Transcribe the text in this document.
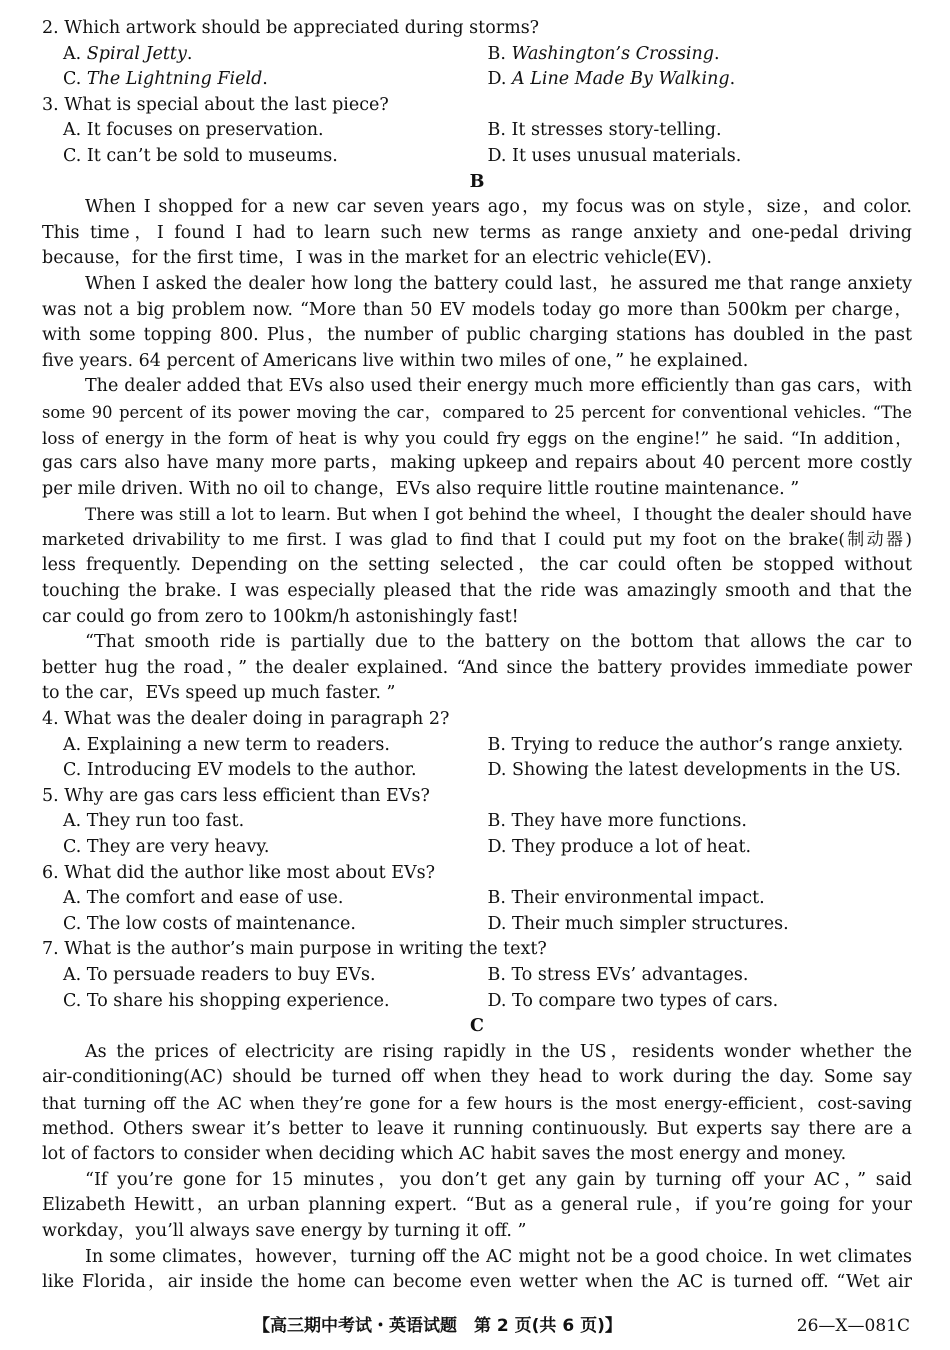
2. Which artwork should be appreciated during storms?
A. Spiral Jetty.	B. Washington’s Crossing.
C. The Lightning Field.	D. A Line Made By Walking.
3. What is special about the last piece?
A. It focuses on preservation.	B. It stresses story-telling.
C. It can’t be sold to museums.	D. It uses unusual materials.
B
When I shopped for a new car seven years ago，my focus was on style，size，and color.
This time，I found I had to learn such new terms as range anxiety and one-pedal driving
because，for the first time，I was in the market for an electric vehicle(EV).
When I asked the dealer how long the battery could last，he assured me that range anxiety
was not a big problem now. “More than 50 EV models today go more than 500km per charge，
with some topping 800. Plus，the number of public charging stations has doubled in the past
five years. 64 percent of Americans live within two miles of one，” he explained.
The dealer added that EVs also used their energy much more efficiently than gas cars，with
some 90 percent of its power moving the car，compared to 25 percent for conventional vehicles. “The
loss of energy in the form of heat is why you could fry eggs on the engine!” he said. “In addition，
gas cars also have many more parts，making upkeep and repairs about 40 percent more costly
per mile driven. With no oil to change，EVs also require little routine maintenance. ”
There was still a lot to learn. But when I got behind the wheel，I thought the dealer should have
marketed drivability to me first. I was glad to find that I could put my foot on the brake(制动器)
less frequently. Depending on the setting selected，the car could often be stopped without
touching the brake. I was especially pleased that the ride was amazingly smooth and that the
car could go from zero to 100km/h astonishingly fast!
“That smooth ride is partially due to the battery on the bottom that allows the car to
better hug the road，” the dealer explained. “And since the battery provides immediate power
to the car，EVs speed up much faster. ”
4. What was the dealer doing in paragraph 2?
A. Explaining a new term to readers.	B. Trying to reduce the author’s range anxiety.
C. Introducing EV models to the author.	D. Showing the latest developments in the US.
5. Why are gas cars less efficient than EVs?
A. They run too fast.	B. They have more functions.
C. They are very heavy.	D. They produce a lot of heat.
6. What did the author like most about EVs?
A. The comfort and ease of use.	B. Their environmental impact.
C. The low costs of maintenance.	D. Their much simpler structures.
7. What is the author’s main purpose in writing the text?
A. To persuade readers to buy EVs.	B. To stress EVs’ advantages.
C. To share his shopping experience.	D. To compare two types of cars.
C
As the prices of electricity are rising rapidly in the US，residents wonder whether the
air-conditioning(AC) should be turned off when they head to work during the day. Some say
that turning off the AC when they’re gone for a few hours is the most energy-efficient，cost-saving
method. Others swear it’s better to leave it running continuously. But experts say there are a
lot of factors to consider when deciding which AC habit saves the most energy and money.
“If you’re gone for 15 minutes，you don’t get any gain by turning off your AC，” said
Elizabeth Hewitt，an urban planning expert. “But as a general rule，if you’re going for your
workday，you’ll always save energy by turning it off. ”
In some climates，however，turning off the AC might not be a good choice. In wet climates
like Florida，air inside the home can become even wetter when the AC is turned off. “Wet air
【高三期中考试・英语试题　第 2 页(共 6 页)】	26—X—081C
